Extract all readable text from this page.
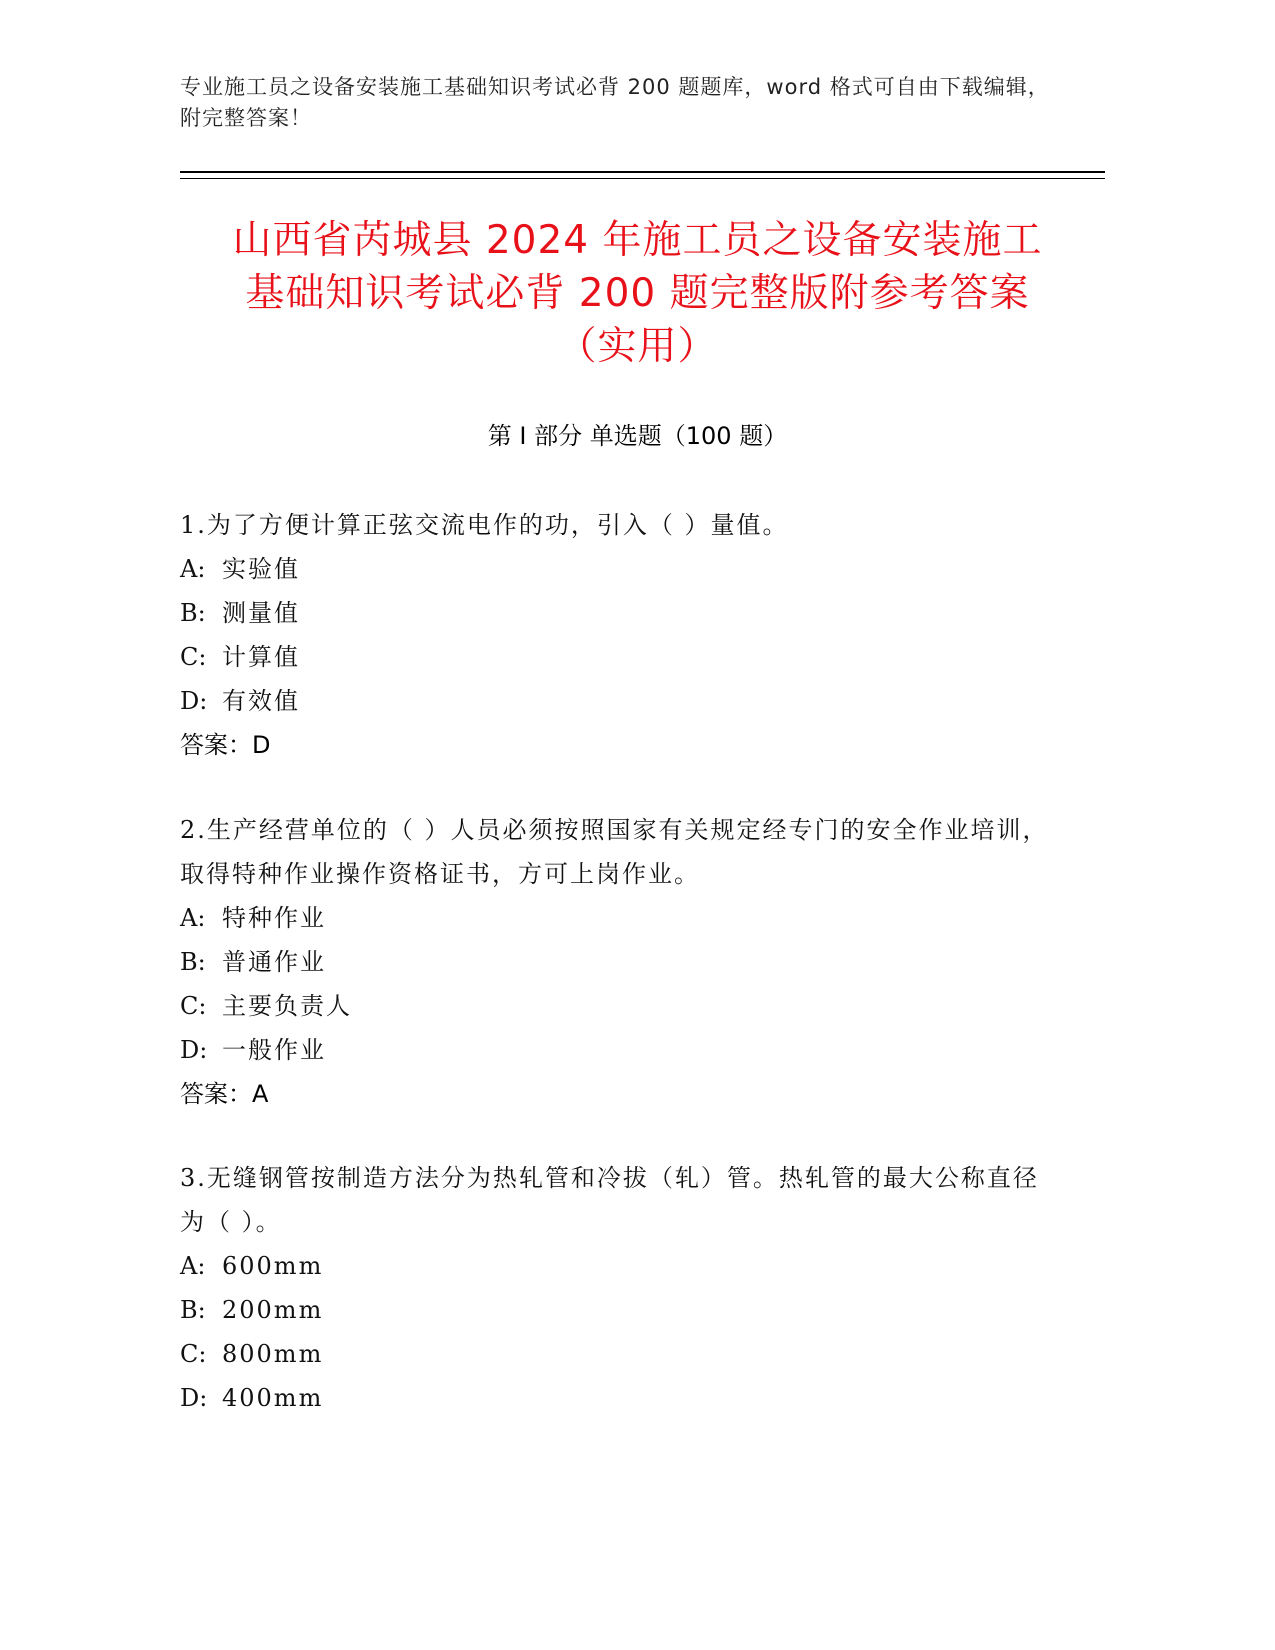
专业施工员之设备安装施工基础知识考试必背 200 题题库，word 格式可自由下载编辑，附完整答案！
山西省芮城县 2024 年施工员之设备安装施工
基础知识考试必背 200 题完整版附参考答案
（实用）
第 I 部分 单选题（100 题）

1.为了方便计算正弦交流电作的功，引入（ ）量值。

A: 实验值

B: 测量值

C: 计算值

D: 有效值

答案：D

2.生产经营单位的（ ）人员必须按照国家有关规定经专门的安全作业培训，取得特种作业操作资格证书，方可上岗作业。

A: 特种作业

B: 普通作业

C: 主要负责人

D: 一般作业

答案：A

3.无缝钢管按制造方法分为热轧管和冷拔（轧）管。热轧管的最大公称直径为（ ）。

A: 600mm

B: 200mm

C: 800mm

D: 400mm
